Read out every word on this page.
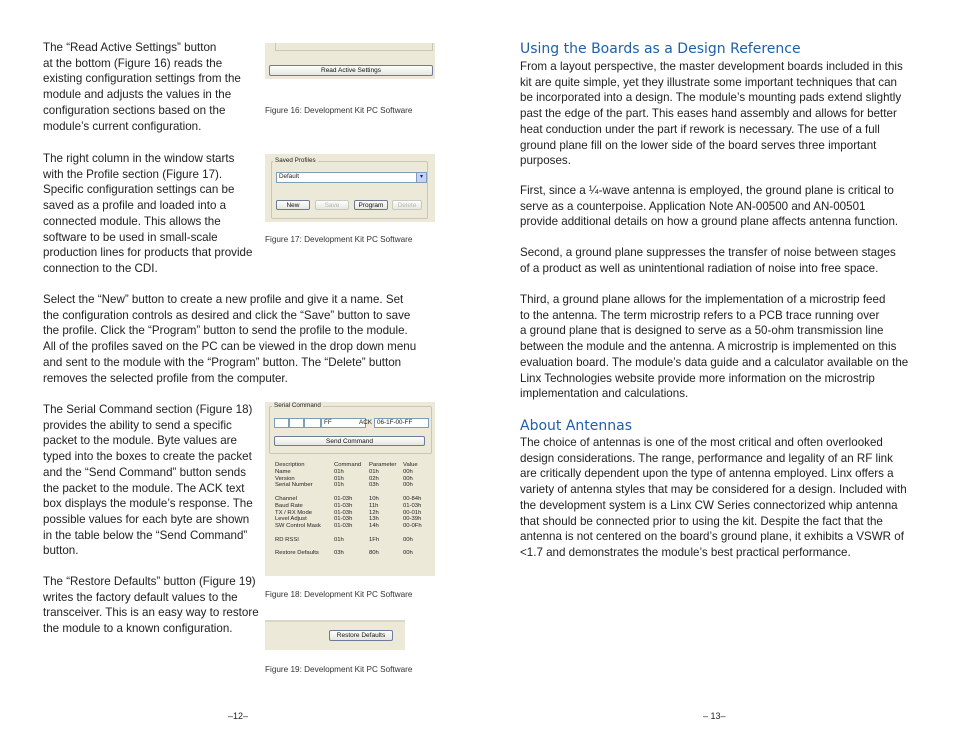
The “Read Active Settings” button

at the bottom (Figure 16) reads the

existing configuration settings from the

module and adjusts the values in the

configuration sections based on the

module’s current configuration.

The right column in the window starts

with the Profile section (Figure 17).

Specific configuration settings can be

saved as a profile and loaded into a

connected module. This allows the

software to be used in small-scale

production lines for products that provide

connection to the CDI.

Select the “New” button to create a new profile and give it a name. Set

the configuration controls as desired and click the “Save” button to save

the profile. Click the “Program” button to send the profile to the module.

All of the profiles saved on the PC can be viewed in the drop down menu

and sent to the module with the “Program” button. The “Delete” button

removes the selected profile from the computer.

The Serial Command section (Figure 18)

provides the ability to send a specific

packet to the module. Byte values are

typed into the boxes to create the packet

and the “Send Command” button sends

the packet to the module. The ACK text

box displays the module’s response. The

possible values for each byte are shown

in the table below the “Send Command”

button.

The “Restore Defaults” button (Figure 19)

writes the factory default values to the

transceiver. This is an easy way to restore

the module to a known configuration.

Read Active Settings
Figure 16: Development Kit PC Software
Saved Profiles
Default	▾
New	Save	Program	Delete
Figure 17: Development Kit PC Software
Serial Command
FF	ACK 06-1F-00-FF
Send Command
Description	Command	Parameter	Value
Name	01h	01h	00h
Version	01h	02h	00h
Serial Number	01h	03h	00h

Channel	01-03h	10h	00-84h
Baud Rate	01-03h	11h	01-03h
TX / RX Mode	01-03h	12h	00-01h
Level Adjust	01-03h	13h	00-39h
SW Control Mask	01-03h	14h	00-0Fh

RD RSSI	01h	1Fh	00h

Restore Defaults	03h	80h	00h
Figure 18: Development Kit PC Software
Restore Defaults
Figure 19: Development Kit PC Software
–12–
Using the Boards as a Design Reference

From a layout perspective, the master development boards included in this

kit are quite simple, yet they illustrate some important techniques that can

be incorporated into a design. The module’s mounting pads extend slightly

past the edge of the part. This eases hand assembly and allows for better

heat conduction under the part if rework is necessary. The use of a full

ground plane fill on the lower side of the board serves three important

purposes.

First, since a ¼-wave antenna is employed, the ground plane is critical to

serve as a counterpoise. Application Note AN-00500 and AN-00501

provide additional details on how a ground plane affects antenna function.

Second, a ground plane suppresses the transfer of noise between stages

of a product as well as unintentional radiation of noise into free space.

Third, a ground plane allows for the implementation of a microstrip feed

to the antenna. The term microstrip refers to a PCB trace running over

a ground plane that is designed to serve as a 50-ohm transmission line

between the module and the antenna. A microstrip is implemented on this

evaluation board. The module’s data guide and a calculator available on the

Linx Technologies website provide more information on the microstrip

implementation and calculations.

About Antennas

The choice of antennas is one of the most critical and often overlooked

design considerations. The range, performance and legality of an RF link

are critically dependent upon the type of antenna employed. Linx offers a

variety of antenna styles that may be considered for a design. Included with

the development system is a Linx CW Series connectorized whip antenna

that should be connected prior to using the kit. Despite the fact that the

antenna is not centered on the board’s ground plane, it exhibits a VSWR of

<1.7 and demonstrates the module’s best practical performance.

– 13–
